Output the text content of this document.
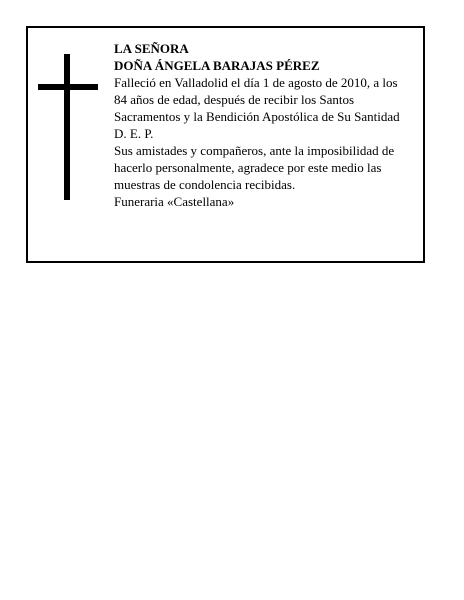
LA SEÑORA
DOÑA ÁNGELA BARAJAS PÉREZ
Falleció en Valladolid el día 1 de agosto de 2010, a los
84 años de edad, después de recibir los Santos
Sacramentos y la Bendición Apostólica de Su Santidad
D. E. P.
Sus amistades y compañeros, ante la imposibilidad de
hacerlo personalmente, agradece por este medio las
muestras de condolencia recibidas.
Funeraria «Castellana»
